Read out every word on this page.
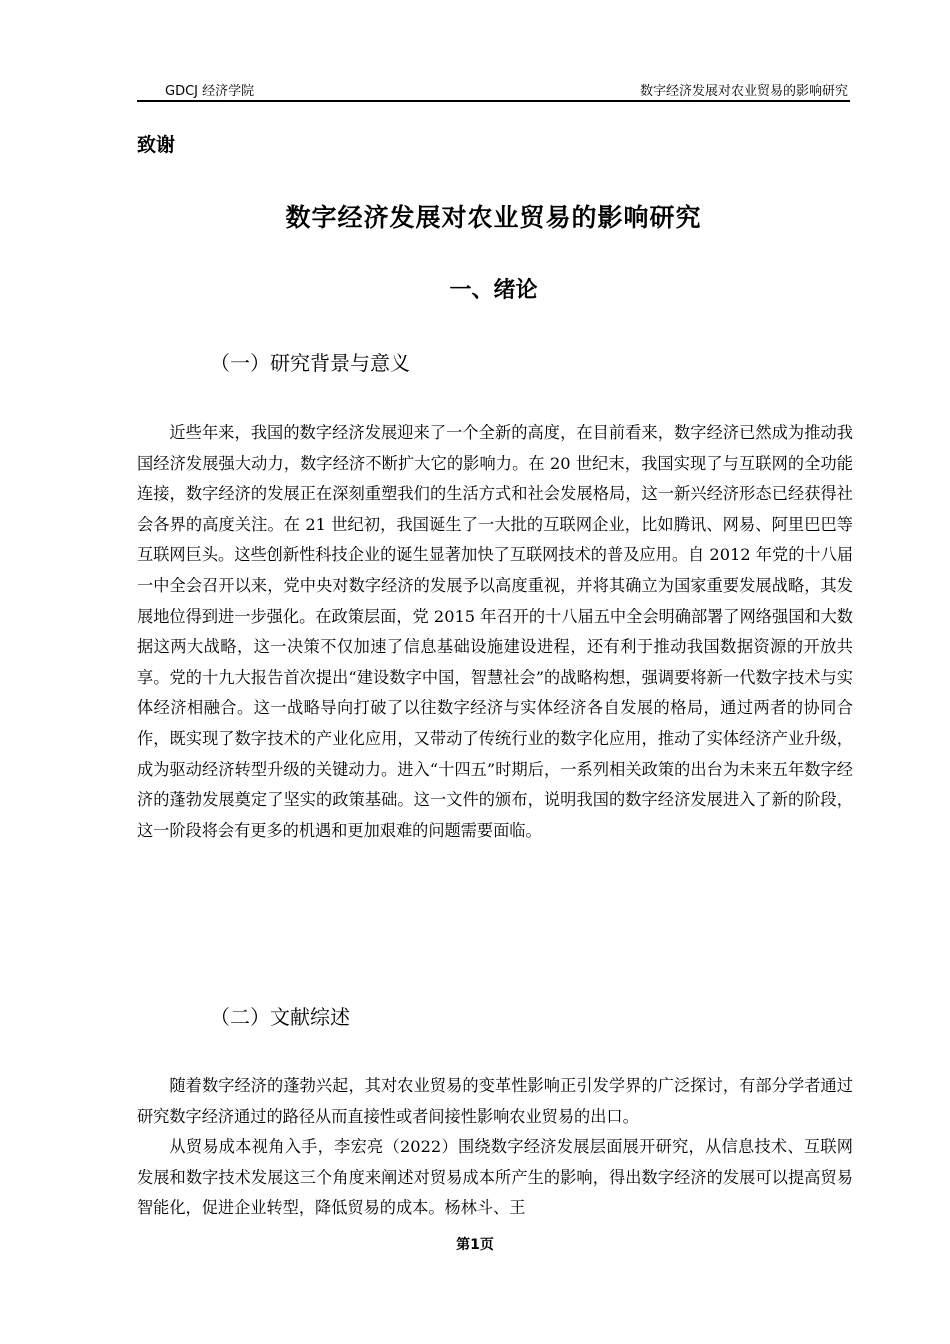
GDCJ 经济学院	数字经济发展对农业贸易的影响研究
致谢
数字经济发展对农业贸易的影响研究
一、绪论
（一）研究背景与意义

近些年来，我国的数字经济发展迎来了一个全新的高度，在目前看来，数字经济已然成为推动我国经济发展强大动力，数字经济不断扩大它的影响力。在 20 世纪末，我国实现了与互联网的全功能连接，数字经济的发展正在深刻重塑我们的生活方式和社会发展格局，这一新兴经济形态已经获得社会各界的高度关注。在 21 世纪初，我国诞生了一大批的互联网企业，比如腾讯、网易、阿里巴巴等互联网巨头。这些创新性科技企业的诞生显著加快了互联网技术的普及应用。自 2012 年党的十八届一中全会召开以来，党中央对数字经济的发展予以高度重视，并将其确立为国家重要发展战略，其发展地位得到进一步强化。在政策层面，党 2015 年召开的十八届五中全会明确部署了网络强国和大数据这两大战略，这一决策不仅加速了信息基础设施建设进程，还有利于推动我国数据资源的开放共享。党的十九大报告首次提出“建设数字中国，智慧社会”的战略构想，强调要将新一代数字技术与实体经济相融合。这一战略导向打破了以往数字经济与实体经济各自发展的格局，通过两者的协同合作，既实现了数字技术的产业化应用，又带动了传统行业的数字化应用，推动了实体经济产业升级，成为驱动经济转型升级的关键动力。进入“十四五”时期后，一系列相关政策的出台为未来五年数字经济的蓬勃发展奠定了坚实的政策基础。这一文件的颁布，说明我国的数字经济发展进入了新的阶段，这一阶段将会有更多的机遇和更加艰难的问题需要面临。

（二）文献综述

随着数字经济的蓬勃兴起，其对农业贸易的变革性影响正引发学界的广泛探讨，有部分学者通过研究数字经济通过的路径从而直接性或者间接性影响农业贸易的出口。

从贸易成本视角入手，李宏亮（2022）围绕数字经济发展层面展开研究，从信息技术、互联网发展和数字技术发展这三个角度来阐述对贸易成本所产生的影响，得出数字经济的发展可以提高贸易智能化，促进企业转型，降低贸易的成本。杨林斗、王

第1页
